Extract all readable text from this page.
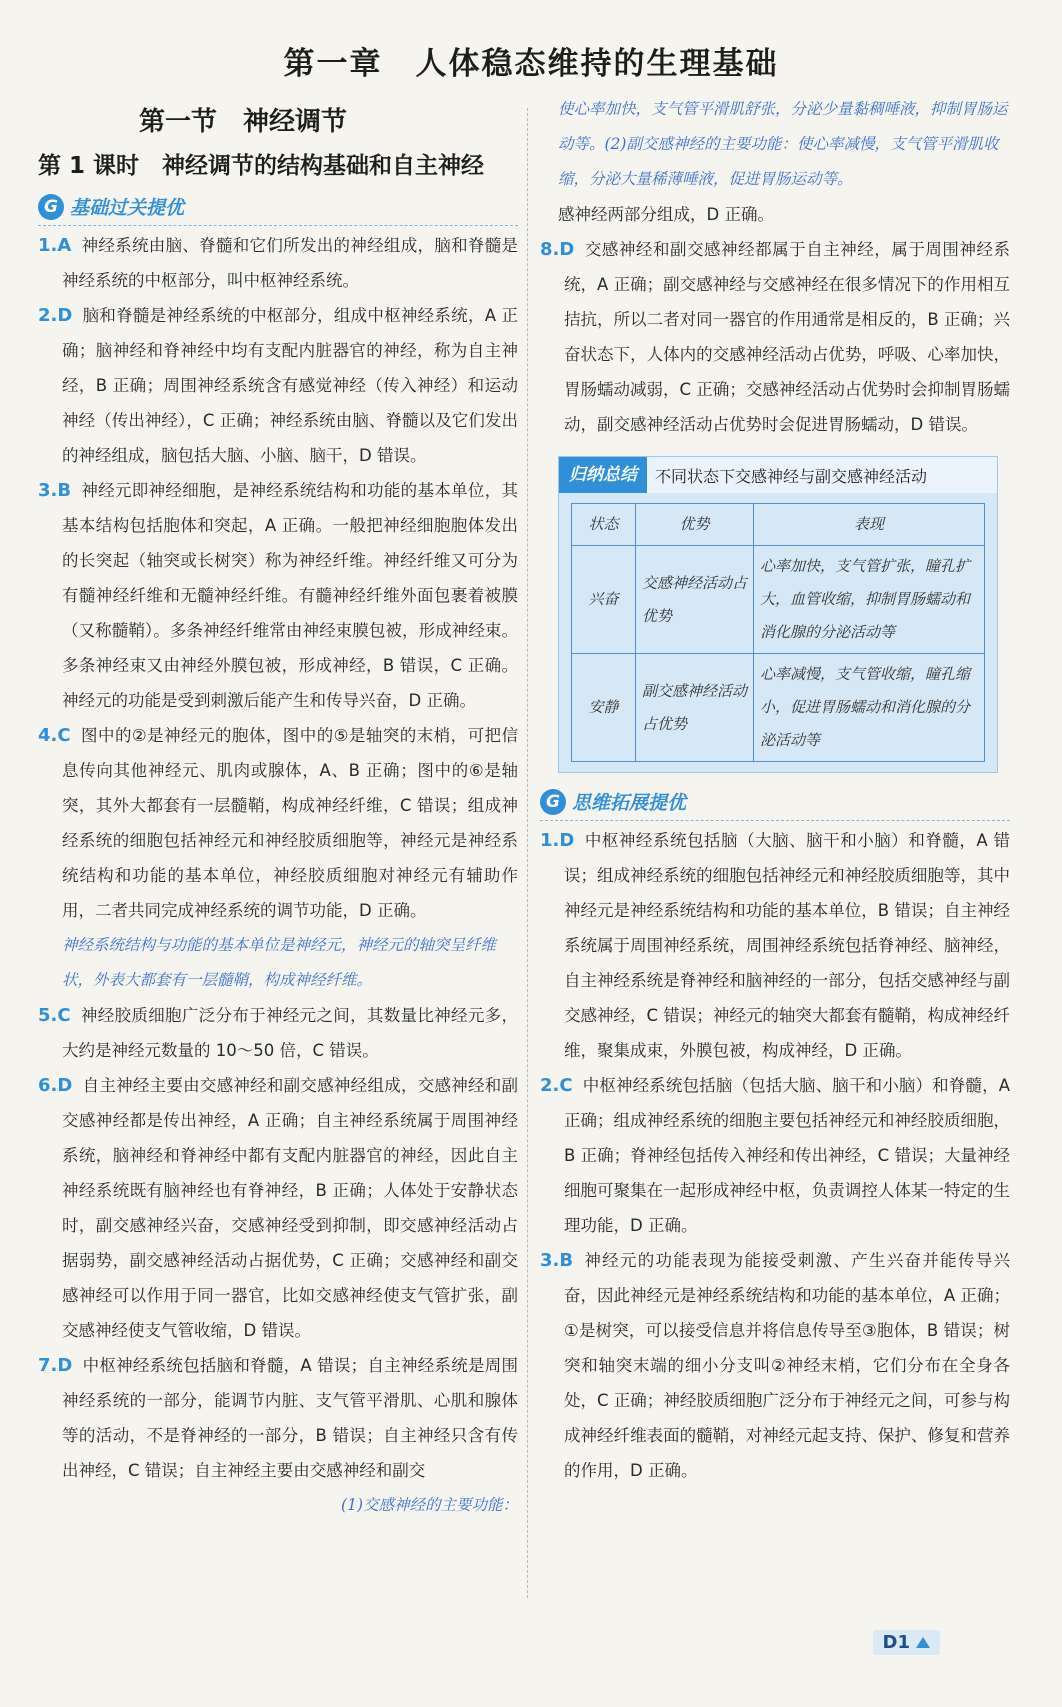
第一章　人体稳态维持的生理基础
第一节　神经调节
第 1 课时　神经调节的结构基础和自主神经
G 基础过关提优
1.A 神经系统由脑、脊髓和它们所发出的神经组成，脑和脊髓是神经系统的中枢部分，叫中枢神经系统。
2.D 脑和脊髓是神经系统的中枢部分，组成中枢神经系统，A 正确；脑神经和脊神经中均有支配内脏器官的神经，称为自主神经，B 正确；周围神经系统含有感觉神经（传入神经）和运动神经（传出神经），C 正确；神经系统由脑、脊髓以及它们发出的神经组成，脑包括大脑、小脑、脑干，D 错误。
3.B 神经元即神经细胞，是神经系统结构和功能的基本单位，其基本结构包括胞体和突起，A 正确。一般把神经细胞胞体发出的长突起（轴突或长树突）称为神经纤维。神经纤维又可分为有髓神经纤维和无髓神经纤维。有髓神经纤维外面包裹着被膜（又称髓鞘）。多条神经纤维常由神经束膜包被，形成神经束。多条神经束又由神经外膜包被，形成神经，B 错误，C 正确。神经元的功能是受到刺激后能产生和传导兴奋，D 正确。
4.C 图中的②是神经元的胞体，图中的⑤是轴突的末梢，可把信息传向其他神经元、肌肉或腺体，A、B 正确；图中的⑥是轴突，其外大都套有一层髓鞘，构成神经纤维，C 错误；组成神经系统的细胞包括神经元和神经胶质细胞等，神经元是神经系统结构和功能的基本单位，神经胶质细胞对神经元有辅助作用，二者共同完成神经系统的调节功能，D 正确。
神经系统结构与功能的基本单位是神经元，神经元的轴突呈纤维状，外表大都套有一层髓鞘，构成神经纤维。
5.C 神经胶质细胞广泛分布于神经元之间，其数量比神经元多，大约是神经元数量的 10～50 倍，C 错误。
6.D 自主神经主要由交感神经和副交感神经组成，交感神经和副交感神经都是传出神经，A 正确；自主神经系统属于周围神经系统，脑神经和脊神经中都有支配内脏器官的神经，因此自主神经系统既有脑神经也有脊神经，B 正确；人体处于安静状态时，副交感神经兴奋，交感神经受到抑制，即交感神经活动占据弱势，副交感神经活动占据优势，C 正确；交感神经和副交感神经可以作用于同一器官，比如交感神经使支气管扩张，副交感神经使支气管收缩，D 错误。
7.D 中枢神经系统包括脑和脊髓，A 错误；自主神经系统是周围神经系统的一部分，能调节内脏、支气管平滑肌、心肌和腺体等的活动，不是脊神经的一部分，B 错误；自主神经只含有传出神经，C 错误；自主神经主要由交感神经和副交
(1)交感神经的主要功能：
使心率加快，支气管平滑肌舒张，分泌少量黏稠唾液，抑制胃肠运动等。(2)副交感神经的主要功能：使心率减慢，支气管平滑肌收缩，分泌大量稀薄唾液，促进胃肠运动等。
感神经两部分组成，D 正确。
8.D 交感神经和副交感神经都属于自主神经，属于周围神经系统，A 正确；副交感神经与交感神经在很多情况下的作用相互拮抗，所以二者对同一器官的作用通常是相反的，B 正确；兴奋状态下，人体内的交感神经活动占优势，呼吸、心率加快，胃肠蠕动减弱，C 正确；交感神经活动占优势时会抑制胃肠蠕动，副交感神经活动占优势时会促进胃肠蠕动，D 错误。
归纳总结	不同状态下交感神经与副交感神经活动
状态	优势	表现
兴奋	交感神经活动占优势	心率加快，支气管扩张，瞳孔扩大，血管收缩，抑制胃肠蠕动和消化腺的分泌活动等
安静	副交感神经活动占优势	心率减慢，支气管收缩，瞳孔缩小，促进胃肠蠕动和消化腺的分泌活动等
G 思维拓展提优
1.D 中枢神经系统包括脑（大脑、脑干和小脑）和脊髓，A 错误；组成神经系统的细胞包括神经元和神经胶质细胞等，其中神经元是神经系统结构和功能的基本单位，B 错误；自主神经系统属于周围神经系统，周围神经系统包括脊神经、脑神经，自主神经系统是脊神经和脑神经的一部分，包括交感神经与副交感神经，C 错误；神经元的轴突大都套有髓鞘，构成神经纤维，聚集成束，外膜包被，构成神经，D 正确。
2.C 中枢神经系统包括脑（包括大脑、脑干和小脑）和脊髓，A 正确；组成神经系统的细胞主要包括神经元和神经胶质细胞，B 正确；脊神经包括传入神经和传出神经，C 错误；大量神经细胞可聚集在一起形成神经中枢，负责调控人体某一特定的生理功能，D 正确。
3.B 神经元的功能表现为能接受刺激、产生兴奋并能传导兴奋，因此神经元是神经系统结构和功能的基本单位，A 正确；①是树突，可以接受信息并将信息传导至③胞体，B 错误；树突和轴突末端的细小分支叫②神经末梢，它们分布在全身各处，C 正确；神经胶质细胞广泛分布于神经元之间，可参与构成神经纤维表面的髓鞘，对神经元起支持、保护、修复和营养的作用，D 正确。
D1
